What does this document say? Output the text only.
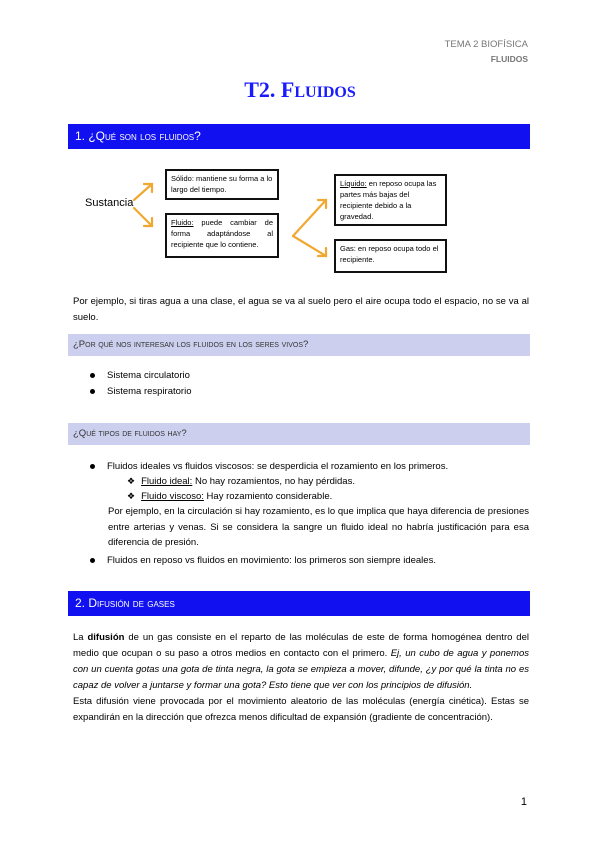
TEMA 2 BIOFÍSICA
FLUIDOS
T2. FLUIDOS
1. ¿Qué son los fluidos?
Sustancia
Sólido: mantiene su forma a lo largo del tiempo.
Fluido: puede cambiar de forma adaptándose al recipiente que lo contiene.
Líquido: en reposo ocupa las partes más bajas del recipiente debido a la gravedad.
Gas: en reposo ocupa todo el recipiente.
Por ejemplo, si tiras agua a una clase, el agua se va al suelo pero el aire ocupa todo el espacio, no se va al suelo.
¿Por qué nos interesan los fluidos en los seres vivos?
Sistema circulatorio
Sistema respiratorio
¿Qué tipos de fluidos hay?
Fluidos ideales vs fluidos viscosos: se desperdicia el rozamiento en los primeros.
❖ Fluido ideal: No hay rozamientos, no hay pérdidas.
❖ Fluido viscoso: Hay rozamiento considerable.
Por ejemplo, en la circulación si hay rozamiento, es lo que implica que haya diferencia de presiones entre arterias y venas. Si se considera la sangre un fluido ideal no habría justificación para esa diferencia de presión.
Fluidos en reposo vs fluidos en movimiento: los primeros son siempre ideales.
2. Difusión de gases
La difusión de un gas consiste en el reparto de las moléculas de este de forma homogénea dentro del medio que ocupan o su paso a otros medios en contacto con el primero. Ej, un cubo de agua y ponemos con un cuenta gotas una gota de tinta negra, la gota se empieza a mover, difunde, ¿y por qué la tinta no es capaz de volver a juntarse y formar una gota? Esto tiene que ver con los principios de difusión.
Esta difusión viene provocada por el movimiento aleatorio de las moléculas (energía cinética). Estas se expandirán en la dirección que ofrezca menos dificultad de expansión (gradiente de concentración).
1
